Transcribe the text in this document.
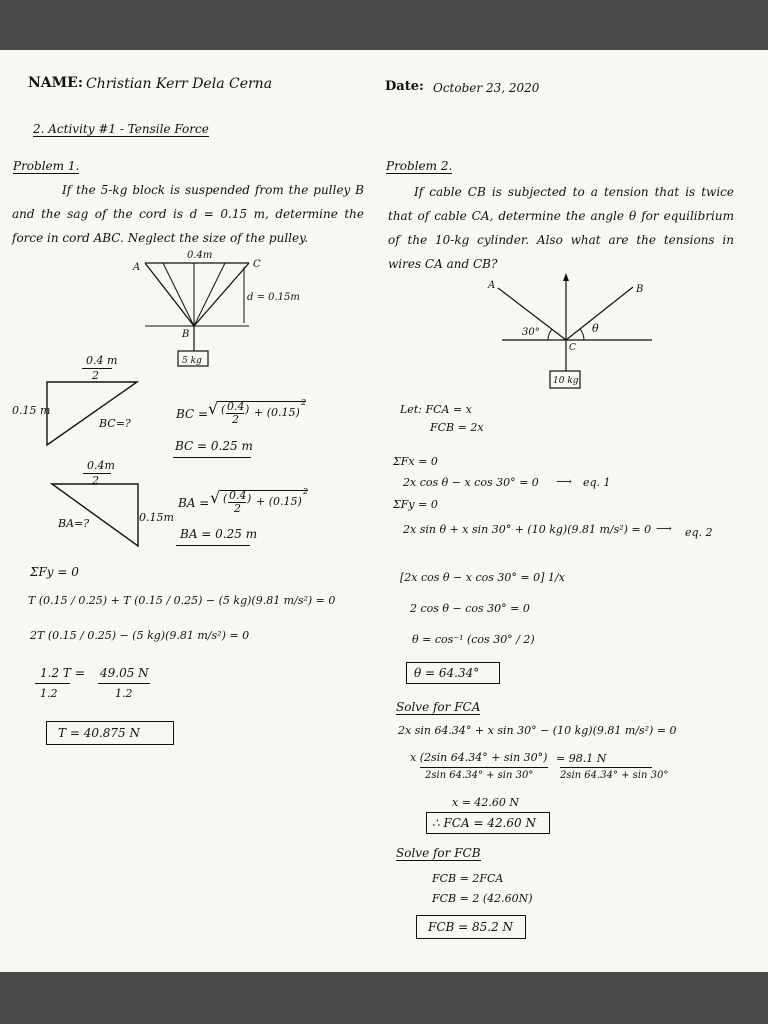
NAME: Christian Kerr Dela Cerna	Date: October 23, 2020
2. Activity #1 - Tensile Force
Problem 1.
If the 5-kg block is suspended from the pulley B and the sag of the cord is d = 0.15 m, determine the force in cord ABC. Neglect the size of the pulley.
A	C
B
0.4m
d = 0.15m
5 kg
0.4 m
2
0.15 m
BC=?
BC = √ ( 0.4
2
) + (0.15)
2
BC = 0.25 m
0.4m
2
0.15m
BA=?
BA = √ ( 0.4
2
) + (0.15)
2
BA = 0.25 m
ΣFy = 0
T (0.15 / 0.25) + T (0.15 / 0.25) − (5 kg)(9.81 m/s²) = 0
2T (0.15 / 0.25) − (5 kg)(9.81 m/s²) = 0
1.2 T = 49.05 N
1.2	1.2
T = 40.875 N
Problem 2.
If cable CB is subjected to a tension that is twice that of cable CA, determine the angle θ for equilibrium of the 10-kg cylinder. Also what are the tensions in wires CA and CB?
A	B
C
30°	θ
10 kg
Let: FCA = x
FCB = 2x
ΣFx = 0
2x cos θ − x cos 30° = 0 ⟶ eq. 1
ΣFy = 0
2x sin θ + x sin 30° + (10 kg)(9.81 m/s²) = 0 ⟶ eq. 2
[2x cos θ − x cos 30° = 0] 1/x
2 cos θ − cos 30° = 0
θ = cos⁻¹ (cos 30° / 2)
θ = 64.34°
Solve for FCA
2x sin 64.34° + x sin 30° − (10 kg)(9.81 m/s²) = 0
x (2sin 64.34° + sin 30°) = 98.1 N
2sin 64.34° + sin 30°	2sin 64.34° + sin 30°
x = 42.60 N
∴ FCA = 42.60 N
Solve for FCB
FCB = 2FCA
FCB = 2 (42.60N)
FCB = 85.2 N
